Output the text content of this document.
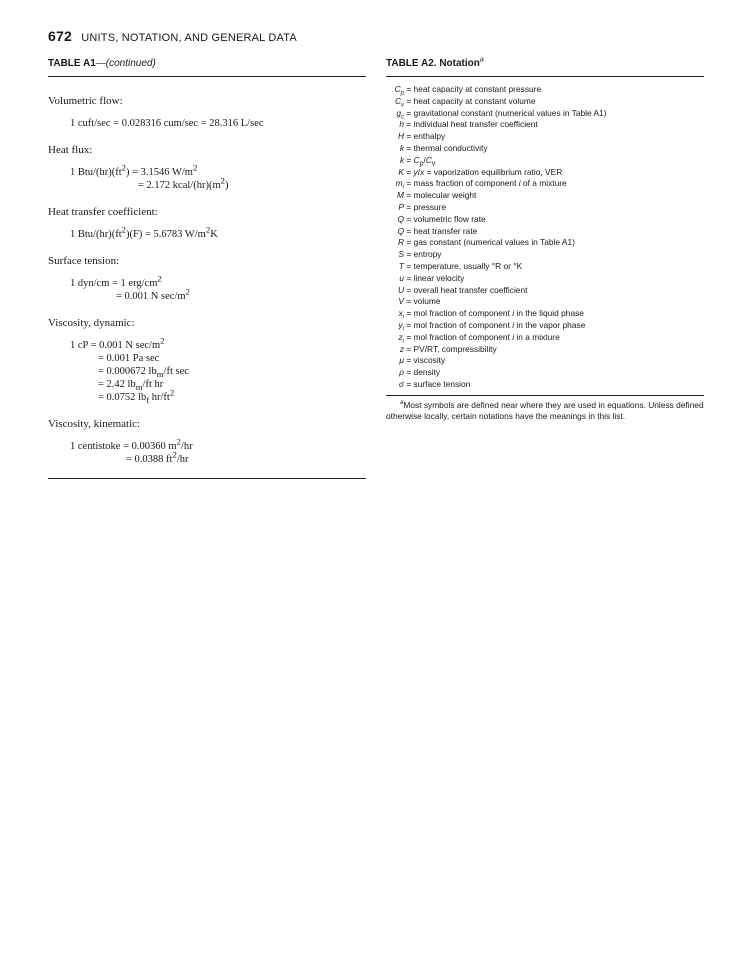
672 UNITS, NOTATION, AND GENERAL DATA
TABLE A1—(continued)
Volumetric flow:
1 cuft/sec = 0.028316 cum/sec = 28.316 L/sec
Heat flux:
1 Btu/$(hr)(ft^2) = 3.1546$ $W/m^2$
= 2.172 kcal/$(hr)(m^2)$
Heat transfer coefficient:
1 Btu/$(hr)(ft^2)(F) = 5.6783$ $W/m^2K$
Surface tension:
1 dyn/cm = 1 erg/$cm^2$
= 0.001 N $\sec/m^2$
Viscosity, dynamic:
1 cP = 0.001 N $\sec/m^2$
= 0.001 Pa sec
= 0.000672 $lb_m/ft$ sec
= 2.42 $lb_m/ft$ hr
= 0.0752 $lb_f$ $hr/ft^2$
Viscosity, kinematic:
1 centistoke = 0.00360 $m^2/hr$
= 0.0388 $ft^2/hr$
TABLE A2. Notation$^a$
$C_p$ = heat capacity at constant pressure
$C_v$ = heat capacity at constant volume
$g_c$ = gravitational constant (numerical values in Table A1)
h = individual heat transfer coefficient
H = enthalpy
k = thermal conductivity
$k = C_p/C_v$
K = y/x = vaporization equilibrium ratio, VER
$m_i$ = mass fraction of component i of a mixture
M = molecular weight
P = pressure
Q = volumetric flow rate
Q = heat transfer rate
R = gas constant (numerical values in Table A1)
S = entropy
T = temperature, usually °R or °K
u = linear velocity
U = overall heat transfer coefficient
V = volume
$x_i$ = mol fraction of component i in the liquid phase
$y_i$ = mol fraction of component i in the vapor phase
$z_i$ = mol fraction of component i in a mixture
z = PV/RT, compressibility
μ = viscosity
ρ = density
σ = surface tension
$^a$Most symbols are defined near where they are used in equations. Unless defined otherwise locally, certain notations have the meanings in this list.
